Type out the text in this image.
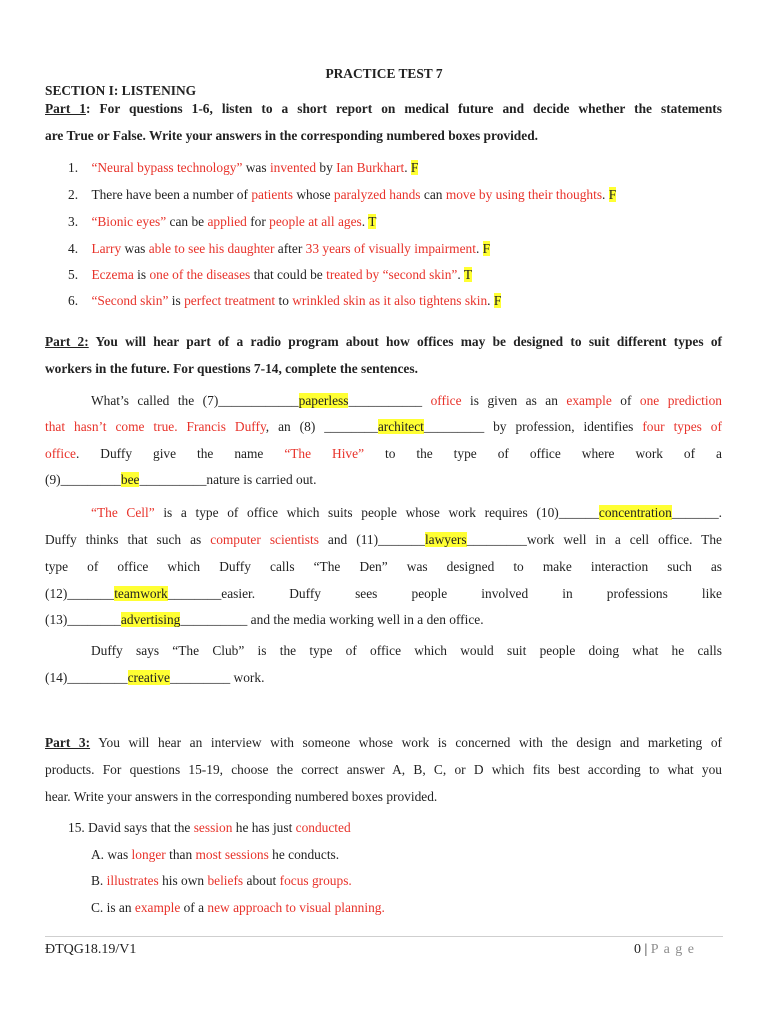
PRACTICE TEST 7
SECTION I: LISTENING
Part 1: For questions 1-6, listen to a short report on medical future and decide whether the statements
are True or False. Write your answers in the corresponding numbered boxes provided.
1. “Neural bypass technology” was invented by Ian Burkhart. F
2. There have been a number of patients whose paralyzed hands can move by using their thoughts. F
3. “Bionic eyes” can be applied for people at all ages. T
4. Larry was able to see his daughter after 33 years of visually impairment. F
5. Eczema is one of the diseases that could be treated by “second skin”. T
6. “Second skin” is perfect treatment to wrinkled skin as it also tightens skin. F
Part 2: You will hear part of a radio program about how offices may be designed to suit different types of
workers in the future. For questions 7-14, complete the sentences.
What’s called the (7)____________paperless___________ office is given as an example of one prediction
that hasn’t come true. Francis Duffy, an (8) ________architect_________ by profession, identifies four types of
office. Duffy give the name “The Hive” to the type of office where work of a
(9)_________bee__________nature is carried out.
“The Cell” is a type of office which suits people whose work requires (10)______concentration_______.
Duffy thinks that such as computer scientists and (11)_______lawyers_________work well in a cell office. The
type of office which Duffy calls “The Den” was designed to make interaction such as
(12)_______teamwork________easier. Duffy sees people involved in professions like
(13)________advertising__________ and the media working well in a den office.
Duffy says “The Club” is the type of office which would suit people doing what he calls
(14)_________creative_________ work.
Part 3: You will hear an interview with someone whose work is concerned with the design and marketing of
products. For questions 15-19, choose the correct answer A, B, C, or D which fits best according to what you
hear. Write your answers in the corresponding numbered boxes provided.
15. David says that the session he has just conducted
A. was longer than most sessions he conducts.
B. illustrates his own beliefs about focus groups.
C. is an example of a new approach to visual planning.
ĐTQG18.19/V1	0 | P a g e
